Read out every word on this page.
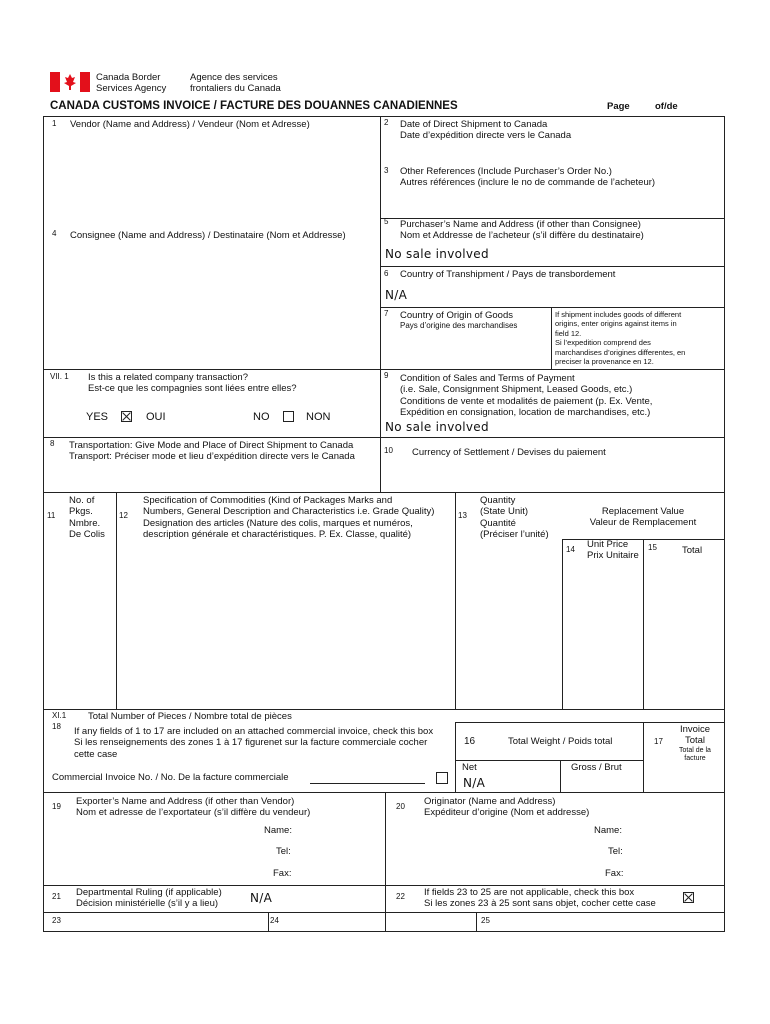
Canada Border
Services Agency
Agence des services
frontaliers du Canada
CANADA CUSTOMS INVOICE / FACTURE DES DOUANNES CANADIENNES	Page	of/de
1 Vendor (Name and Address) / Vendeur (Nom et Adresse)	2 Date of Direct Shipment to Canada
Date d’expédition directe vers le Canada
3 Other References (Include Purchaser’s Order No.)
Autres références (inclure le no de commande de l’acheteur)
4 Consignee (Name and Address) / Destinataire (Nom et Addresse)
5 Purchaser’s Name and Address (if other than Consignee)
Nom et Addresse de l’acheteur (s’il diffère du destinataire)
No sale involved
6 Country of Transhipment / Pays de transbordement
N/A
7 Country of Origin of Goods
Pays d’origine des marchandises
If shipment includes goods of different
origins, enter origins against items in
field 12.
Si l’expedition comprend des
marchandises d’origines differentes, en
preciser la provenance en 12.
VII. 1 Is this a related company transaction?
Est-ce que les compagnies sont liées entre elles?
YES	OUI	NO	NON
9 Condition of Sales and Terms of Payment
(i.e. Sale, Consignment Shipment, Leased Goods, etc.)
Conditions de vente et modalités de paiement (p. Ex. Vente,
Expédition en consignation, location de marchandises, etc.)
No sale involved
8 Transportation: Give Mode and Place of Direct Shipment to Canada
Transport: Préciser mode et lieu d’expédition directe vers le Canada
10 Currency of Settlement / Devises du paiement
11
No. of
Pkgs.
Nmbre.
De Colis
12
Specification of Commodities (Kind of Packages Marks and
Numbers, General Description and Characteristics i.e. Grade Quality)
Designation des articles (Nature des colis, marques et numéros,
description générale et charactéristiques. P. Ex. Classe, qualité)
13
Quantity
(State Unit)
Quantité
(Préciser l’unité)
Replacement Value
Valeur de Remplacement
14 Unit Price
Prix Unitaire
15	Total
XI.1 Total Number of Pieces / Nombre total de pièces
18 If any fields of 1 to 17 are included on an attached commercial invoice, check this box
Si les renseignements des zones 1 à 17 figurenet sur la facture commerciale cocher
cette case
Commercial Invoice No. / No. De la facture commerciale
16	Total Weight / Poids total
Net	Gross / Brut
N/A
17
Invoice
Total
Total de la
facture
19 Exporter’s Name and Address (if other than Vendor)
Nom et adresse de l’exportateur (s’il diffère du vendeur)
Name:
Tel:
Fax:
20 Originator (Name and Address)
Expéditeur d’origine (Nom et addresse)
Name:
Tel:
Fax:
21 Departmental Ruling (if applicable)
Décision ministérielle (s’il y a lieu)	N/A	22 If fields 23 to 25 are not applicable, check this box
Si les zones 23 à 25 sont sans objet, cocher cette case
23	24	25
